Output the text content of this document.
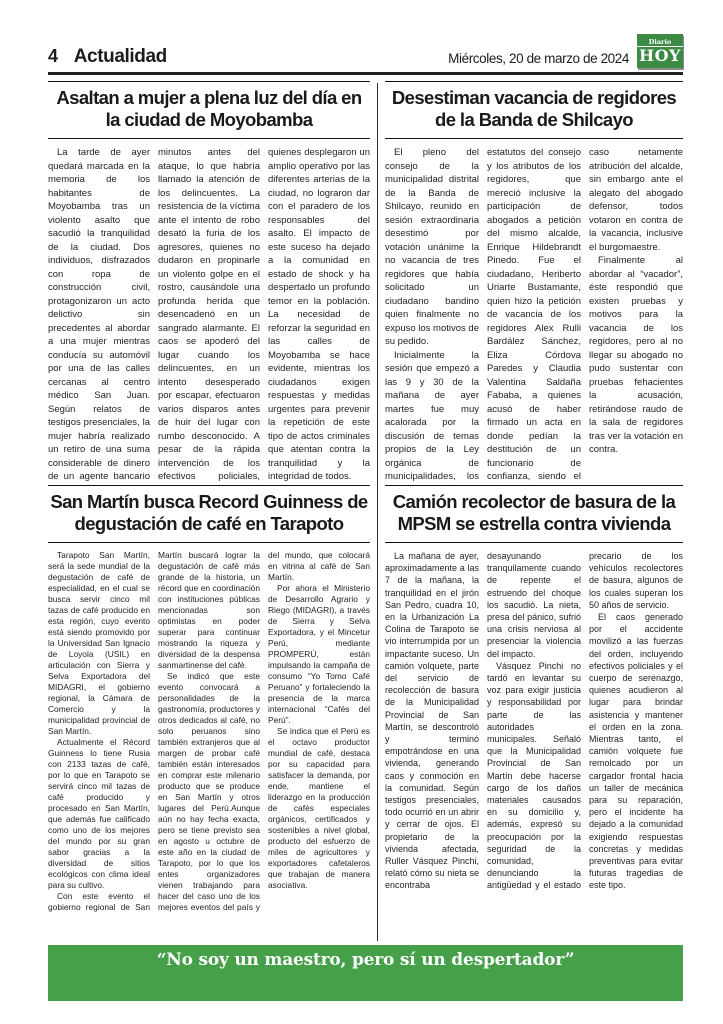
4 Actualidad	Miércoles, 20 de marzo de 2024
Diario
HOY
Asaltan a mujer a plena luz del día en la ciudad de Moyobamba

La tarde de ayer quedará marcada en la memoria de los habitantes de Moyobamba tras un violento asalto que sacudió la tranquilidad de la ciudad. Dos individuos, disfrazados con ropa de construcción civil, protagonizaron un acto delictivo sin precedentes al abordar a una mujer mientras conducía su automóvil por una de las calles cercanas al centro médico San Juan. Según relatos de testigos presenciales, la mujer habría realizado un retiro de una suma considerable de dinero de un agente bancario minutos antes del ataque, lo que habría llamado la atención de los delincuentes. La resistencia de la víctima ante el intento de robo desató la furia de los agresores, quienes no dudaron en propinarle un violento golpe en el rostro, causándole una profunda herida que desencadenó en un sangrado alarmante. El caos se apoderó del lugar cuando los delincuentes, en un intento desesperado por escapar, efectuaron varios disparos antes de huir del lugar con rumbo desconocido. A pesar de la rápida intervención de los efectivos policiales, quienes desplegaron un amplio operativo por las diferentes arterias de la ciudad, no lograron dar con el paradero de los responsables del asalto. El impacto de este suceso ha dejado a la comunidad en estado de shock y ha despertado un profundo temor en la población. La necesidad de reforzar la seguridad en las calles de Moyobamba se hace evidente, mientras los ciudadanos exigen respuestas y medidas urgentes para prevenir la repetición de este tipo de actos criminales que atentan contra la tranquilidad y la integridad de todos.

San Martín busca Record Guinness de degustación de café en Tarapoto

Tarapoto San Martín, será la sede mundial de la degustación de café de especialidad, en el cual se busca servir cinco mil tazas de café producido en esta región, cuyo evento está siendo promovido por la Universidad San Ignacio de Loyola (USIL) en articulación con Sierra y Selva Exportadora del MIDAGRI, el gobierno regional, la Cámara de Comercio y la municipalidad provincial de San Martín.

Actualmente el Récord Guinness lo tiene Rusia con 2133 tazas de café, por lo que en Tarapoto se servirá cinco mil tazas de café producido y procesado en San Martín, que además fue calificado como uno de los mejores del mundo por su gran sabor gracias a la diversidad de sitios ecológicos con clima ideal para su cultivo.

Con este evento el gobierno regional de San Martín buscará lograr la degustación de café más grande de la historia, un récord que en coordinación con instituciones públicas mencionadas son optimistas en poder superar para continuar mostrando la riqueza y diversidad de la despensa sanmartinense del café.

Se indicó que este evento convocará a personalidades de la gastronomía, productores y otros dedicados al café, no solo peruanos sino también extranjeros que al margen de probar café también están interesados en comprar este milenario producto que se produce en San Martín y otros lugares del Perú.Aunque aún no hay fecha exacta, pero se tiene previsto sea en agosto u octubre de este año en la ciudad de Tarapoto, por lo que los entes organizadores vienen trabajando para hacer del caso uno de los mejores eventos del país y del mundo, que colocará en vitrina al café de San Martín.

Por ahora el Ministerio de Desarrollo Agrario y Riego (MIDAGRI), a través de Sierra y Selva Exportadora, y el Mincetur Perú, mediante PROMPERÚ, están impulsando la campaña de consumo “Yo Tomo Café Peruano” y fortaleciendo la presencia de la marca internacional “Cafés del Perú”.

Se indica que el Perú es el octavo productor mundial de café, destaca por su capacidad para satisfacer la demanda, por ende, mantiene el liderazgo en la producción de cafés especiales orgánicos, certificados y sostenibles a nivel global, producto del esfuerzo de miles de agricultores y exportadores cafetaleros que trabajan de manera asociativa.

Desestiman vacancia de regidores de la Banda de Shilcayo

El pleno del consejo de la municipalidad distrital de la Banda de Shilcayo, reunido en sesión extraordinaria desestimó por votación unánime la no vacancia de tres regidores que había solicitado un ciudadano bandino quien finalmente no expuso los motivos de su pedido.

Inicialmente la sesión que empezó a las 9 y 30 de la mañana de ayer martes fue muy acalorada por la discusión de temas propios de la Ley orgánica de municipalidades, los estatutos del consejo y los atributos de los regidores, que mereció inclusive la participación de abogados a petición del mismo alcalde, Enrique Hildebrandt Pinedo. Fue el ciudadano, Heriberto Uriarte Bustamante, quien hizo la petición de vacancia de los regidores Alex Rulli Bardález Sánchez, Eliza Córdova Paredes y Claudia Valentina Saldaña Fababa, a quienes acusó de haber firmado un acta en donde pedían la destitución de un funcionario de confianza, siendo el caso netamente atribución del alcalde, sin embargo ante el alegato del abogado defensor, todos votaron en contra de la vacancia, inclusive el burgomaestre.

Finalmente al abordar al “vacador”, éste respondió que existen pruebas y motivos para la vacancia de los regidores, pero al no llegar su abogado no pudo sustentar con pruebas fehacientes la acusación, retirándose raudo de la sala de regidores tras ver la votación en contra.

Camión recolector de basura de la MPSM se estrella contra vivienda

La mañana de ayer, aproximadamente a las 7 de la mañana, la tranquilidad en el jirón San Pedro, cuadra 10, en la Urbanización La Colina de Tarapoto se vio interrumpida por un impactante suceso. Un camión volquete, parte del servicio de recolección de basura de la Municipalidad Provincial de San Martín, se descontroló y terminó empotrándose en una vivienda, generando caos y conmoción en la comunidad. Según testigos presenciales, todo ocurrió en un abrir y cerrar de ojos. El propietario de la vivienda afectada, Ruller Vásquez Pinchi, relató cómo su nieta se encontraba desayunando tranquilamente cuando de repente el estruendo del choque los sacudió. La nieta, presa del pánico, sufrió una crisis nerviosa al presenciar la violencia del impacto.

Vásquez Pinchi no tardó en levantar su voz para exigir justicia y responsabilidad por parte de las autoridades municipales. Señaló que la Municipalidad Provincial de San Martín debe hacerse cargo de los daños materiales causados en su domicilio y, además, expresó su preocupación por la seguridad de la comunidad, denunciando la antigüedad y el estado precario de los vehículos recolectores de basura, algunos de los cuales superan los 50 años de servicio.

El caos generado por el accidente movilizó a las fuerzas del orden, incluyendo efectivos policiales y el cuerpo de serenazgo, quienes acudieron al lugar para brindar asistencia y mantener el orden en la zona. Mientras tanto, el camión volquete fue remolcado por un cargador frontal hacia un taller de mecánica para su reparación, pero el incidente ha dejado a la comunidad exigiendo respuestas concretas y medidas preventivas para evitar futuras tragedias de este tipo.

“No soy un maestro, pero sí un despertador”
